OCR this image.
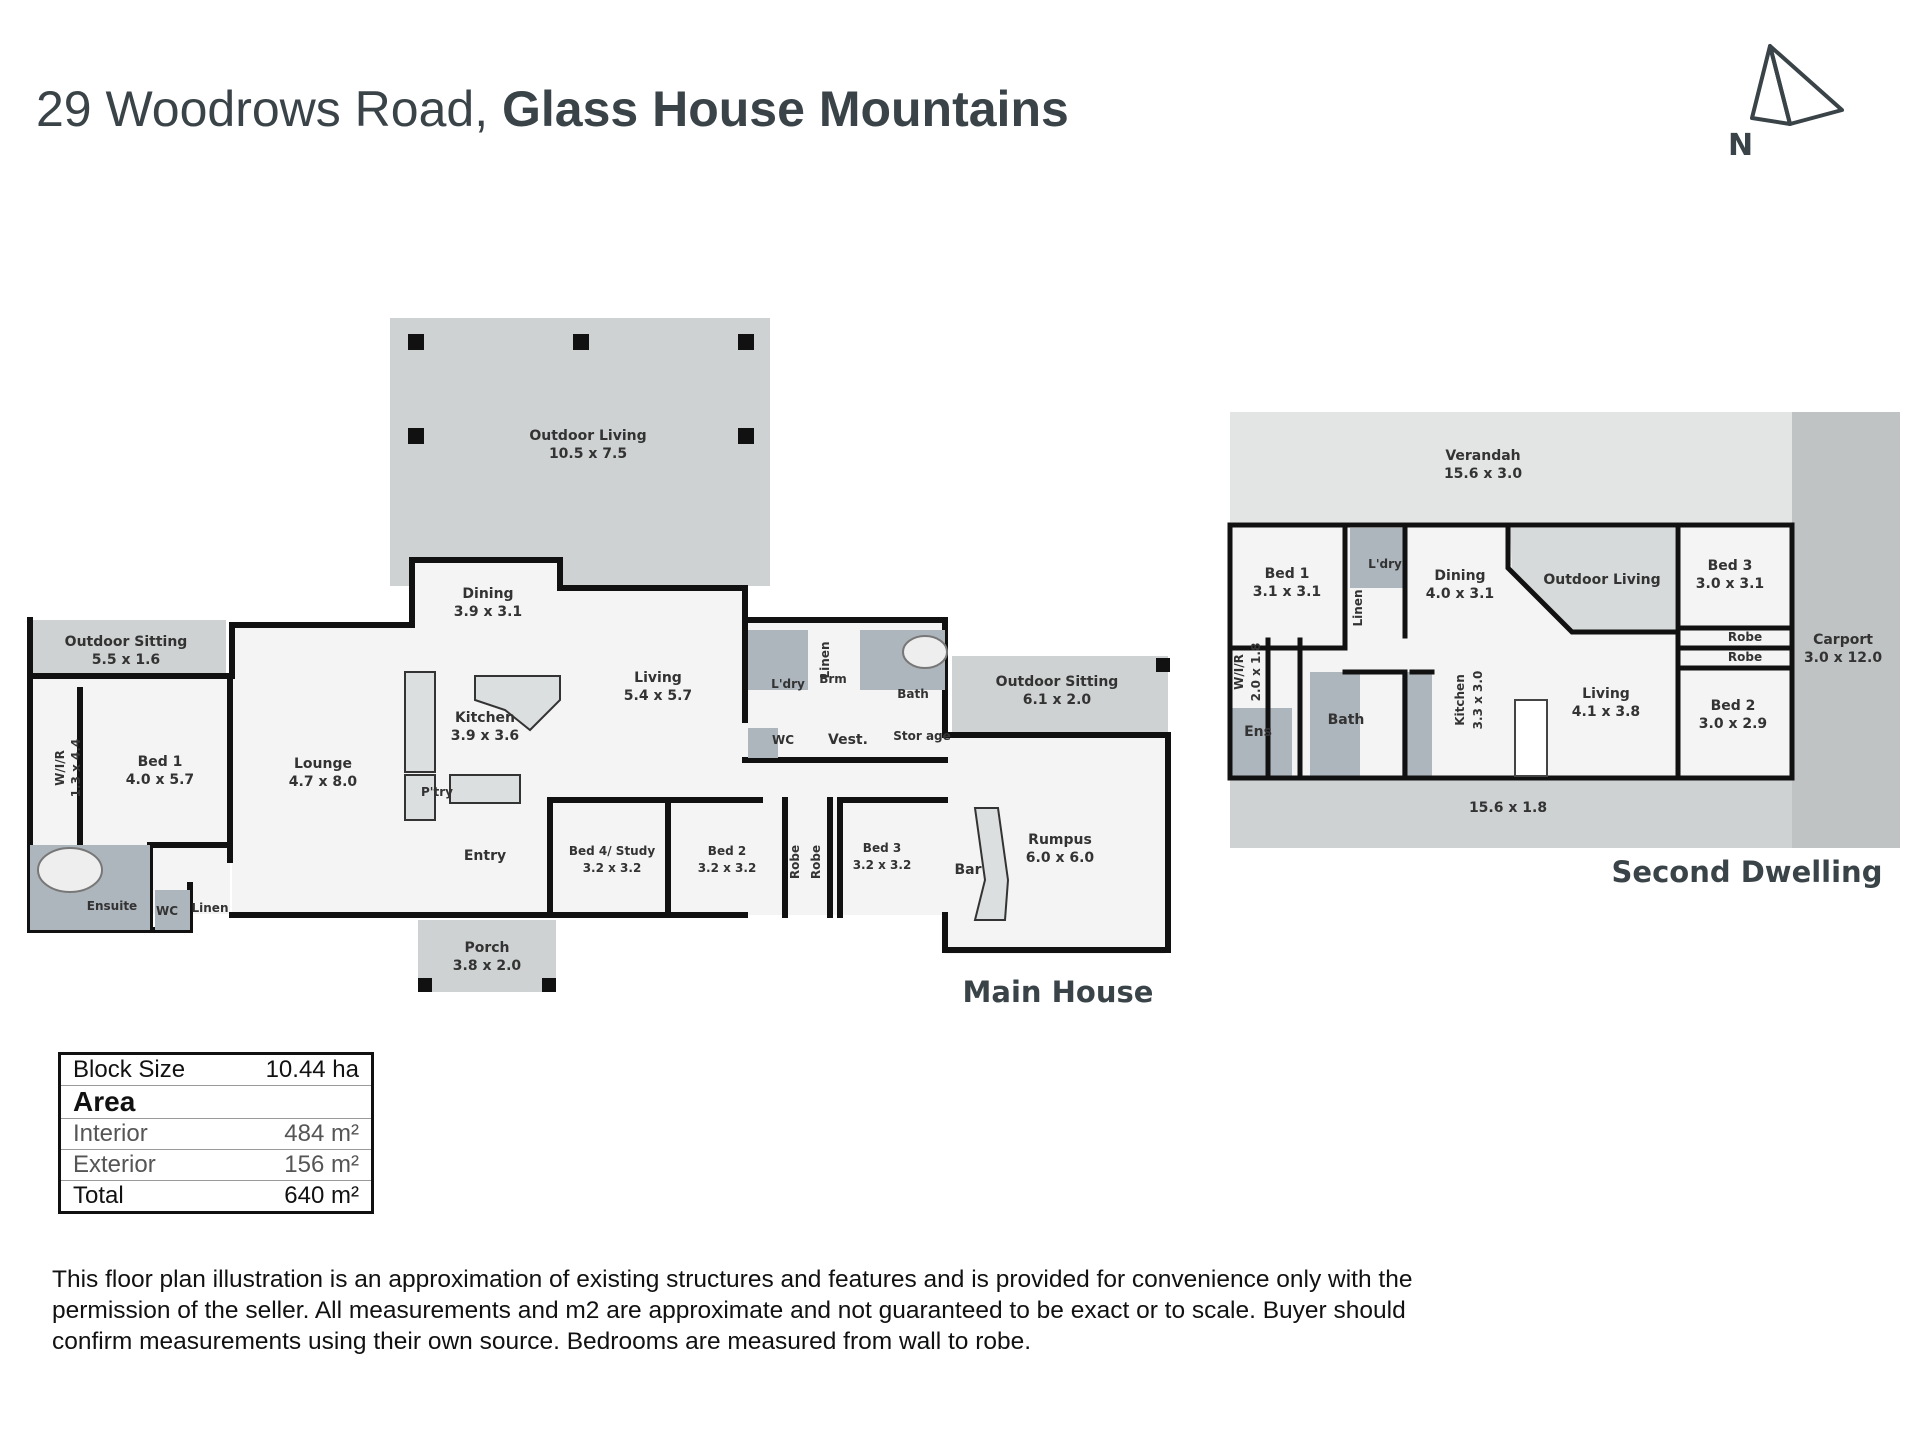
29 Woodrows Road, Glass House Mountains
N
Outdoor Living
10.5 x 7.5
Dining
3.9 x 3.1
Living
5.4 x 5.7
Kitchen
3.9 x 3.6
P'try
Lounge
4.7 x 8.0
Outdoor Sitting
5.5 x 1.6
Bed 1
4.0 x 5.7
W/I/R 1.3 x 4.4
Ensuite WC Linen
Entry
Porch
3.8 x 2.0
Bed 4/ Study
3.2 x 3.2
Bed 2
3.2 x 3.2	Robe Robe	Bed 3
3.2 x 3.2
L'dry
Linen
Brm
Bath
WC Vest. Stor age
Outdoor Sitting
6.1 x 2.0
Rumpus
6.0 x 6.0
Bar
Main House
Verandah
15.6 x 3.0
Bed 1
3.1 x 3.1
L'dry
Linen
Dining
4.0 x 3.1
Outdoor Living
Bed 3
3.0 x 3.1
Robe
Robe
Carport
3.0 x 12.0
W/I/R 2.0 x 1.8
Bath
Ens
Kitchen 3.3 x 3.0	Living
4.1 x 3.8	Bed 2
3.0 x 2.9
15.6 x 1.8
Second Dwelling
Block Size	10.44 ha
Area	
Interior	484 m²
Exterior	156 m²
Total	640 m²

This floor plan illustration is an approximation of existing structures and features and is provided for convenience only with the permission of the seller. All measurements and m2 are approximate and not guaranteed to be exact or to scale. Buyer should confirm measurements using their own source. Bedrooms are measured from wall to robe.
